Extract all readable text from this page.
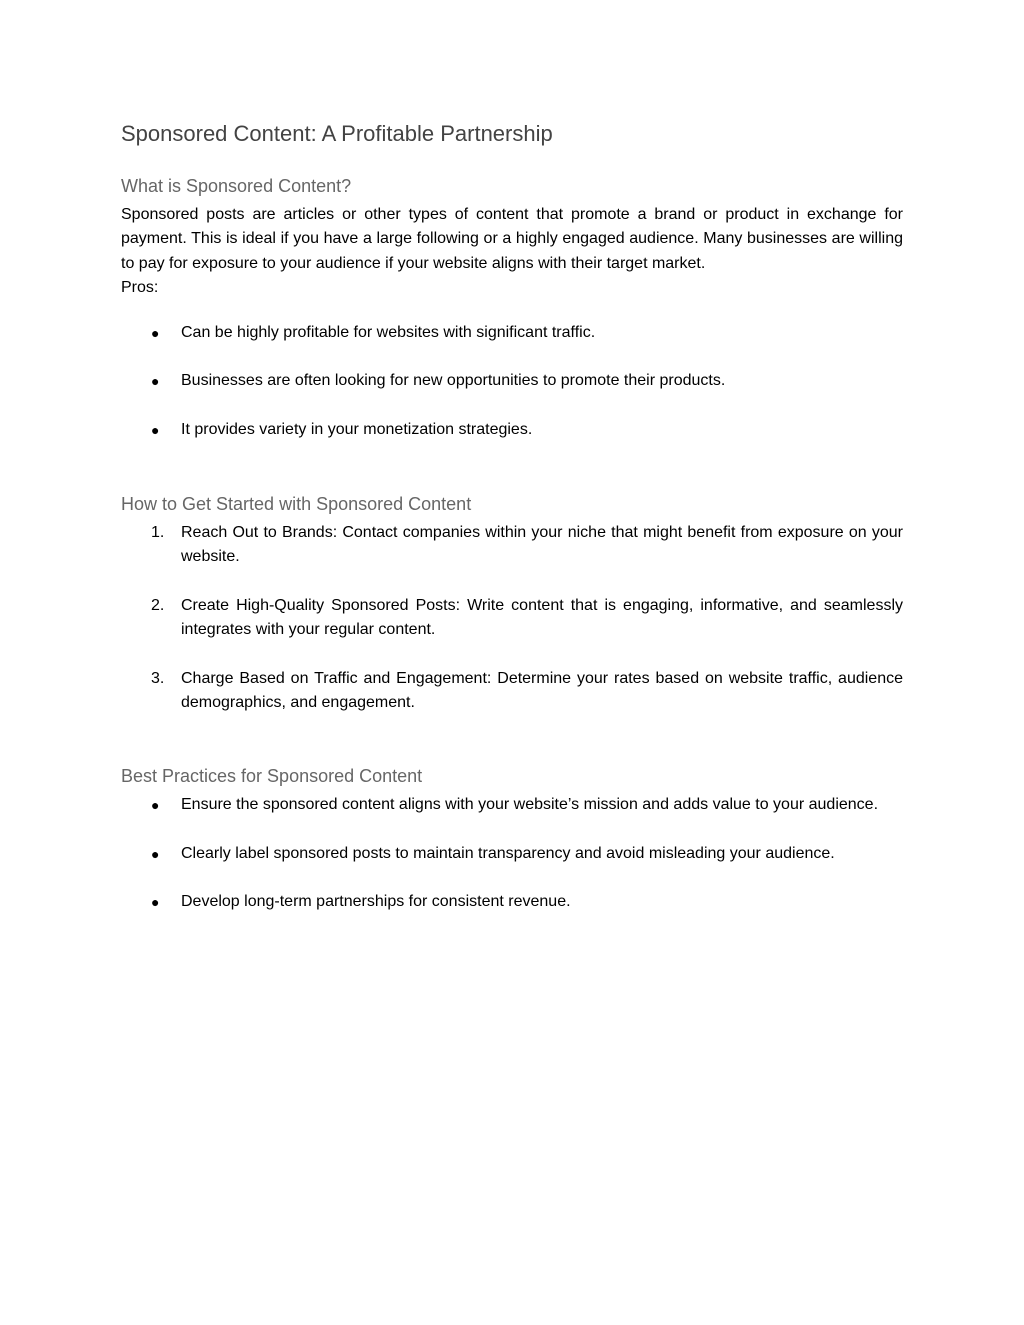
Sponsored Content: A Profitable Partnership
What is Sponsored Content?

Sponsored posts are articles or other types of content that promote a brand or product in exchange for payment. This is ideal if you have a large following or a highly engaged audience. Many businesses are willing to pay for exposure to your audience if your website aligns with their target market.

Pros:

●	Can be highly profitable for websites with significant traffic.
●	Businesses are often looking for new opportunities to promote their products.
●	It provides variety in your monetization strategies.
How to Get Started with Sponsored Content
1.	Reach Out to Brands: Contact companies within your niche that might benefit from exposure on your website.
2.	Create High-Quality Sponsored Posts: Write content that is engaging, informative, and seamlessly integrates with your regular content.
3.	Charge Based on Traffic and Engagement: Determine your rates based on website traffic, audience demographics, and engagement.
Best Practices for Sponsored Content
●	Ensure the sponsored content aligns with your website’s mission and adds value to your audience.
●	Clearly label sponsored posts to maintain transparency and avoid misleading your audience.
●	Develop long-term partnerships for consistent revenue.
